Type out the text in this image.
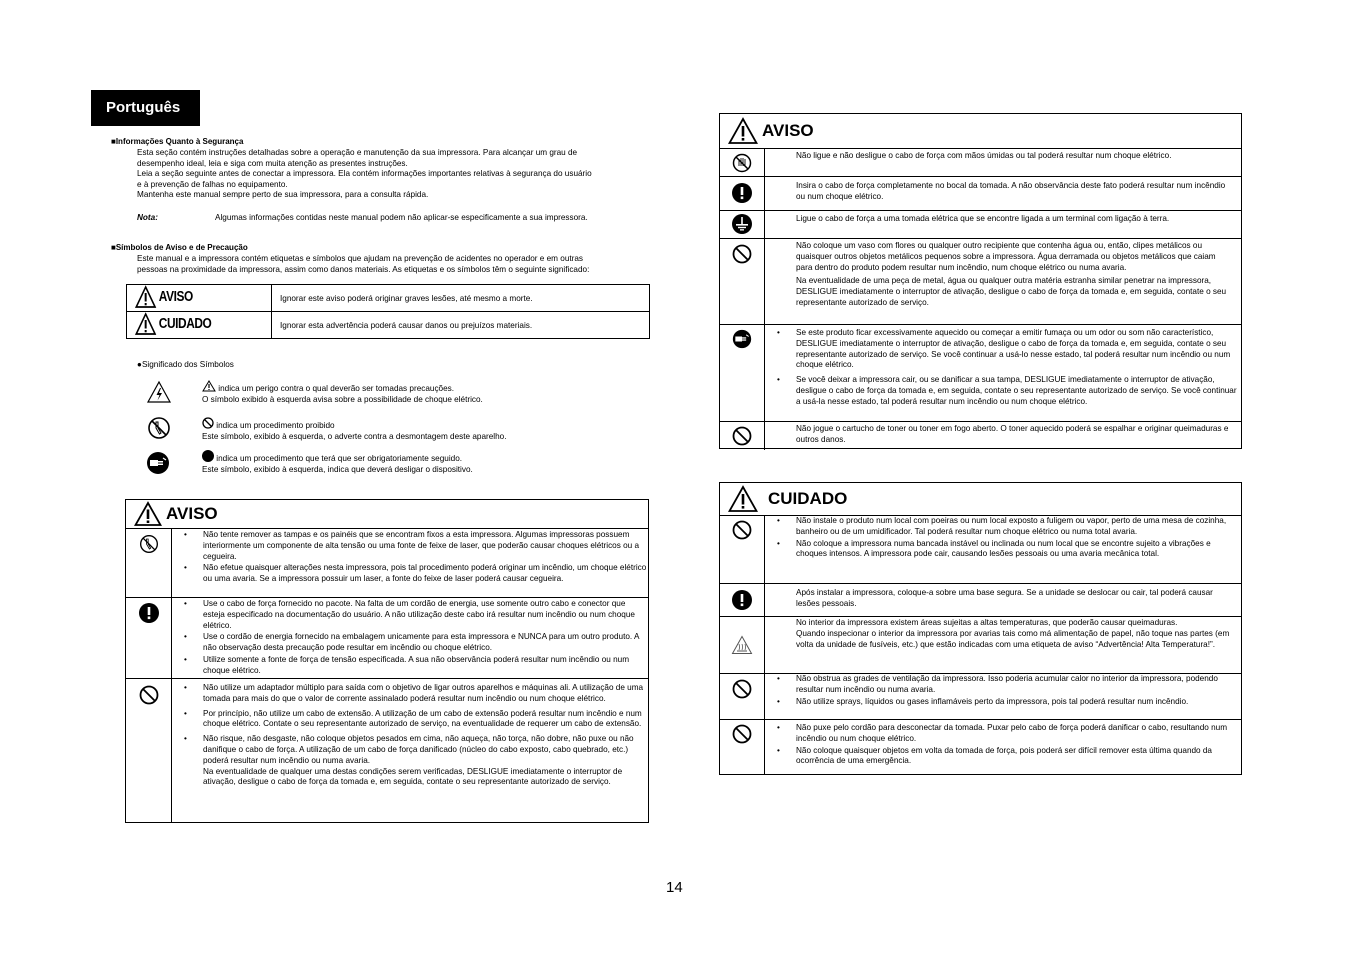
Português
■Informações Quanto à Segurança
Esta seção contém instruções detalhadas sobre a operação e manutenção da sua impressora. Para alcançar um grau de
desempenho ideal, leia e siga com muita atenção as presentes instruções.
Leia a seção seguinte antes de conectar a impressora. Ela contém informações importantes relativas à segurança do usuário
e à prevenção de falhas no equipamento.
Mantenha este manual sempre perto de sua impressora, para a consulta rápida.
Nota:	Algumas informações contidas neste manual podem não aplicar-se especificamente a sua impressora.
■Símbolos de Aviso e de Precaução
Este manual e a impressora contém etiquetas e símbolos que ajudam na prevenção de acidentes no operador e em outras
pessoas na proximidade da impressora, assim como danos materiais. As etiquetas e os símbolos têm o seguinte significado:
AVISO	Ignorar este aviso poderá originar graves lesões, até mesmo a morte.

CUIDADO	Ignorar esta advertência poderá causar danos ou prejuízos materiais.
●Significado dos Símbolos
indica um perigo contra o qual deverão ser tomadas precauções.
O símbolo exibido à esquerda avisa sobre a possibilidade de choque elétrico.
indica um procedimento proibido
Este símbolo, exibido à esquerda, o adverte contra a desmontagem deste aparelho.
indica um procedimento que terá que ser obrigatoriamente seguido.
Este símbolo, exibido à esquerda, indica que deverá desligar o dispositivo.
AVISO
• Não tente remover as tampas e os painéis que se encontram fixos a esta impressora. Algumas impressoras possuem interiormente um componente de alta tensão ou uma fonte de feixe de laser, que poderão causar choques elétricos ou a cegueira.
• Não efetue quaisquer alterações nesta impressora, pois tal procedimento poderá originar um incêndio, um choque elétrico ou uma avaria. Se a impressora possuir um laser, a fonte do feixe de laser poderá causar cegueira.
• Use o cabo de força fornecido no pacote. Na falta de um cordão de energia, use somente outro cabo e conector que esteja especificado na documentação do usuário. A não utilização deste cabo irá resultar num incêndio ou num choque elétrico.
• Use o cordão de energia fornecido na embalagem unicamente para esta impressora e NUNCA para um outro produto. A não observação desta precaução pode resultar em incêndio ou choque elétrico.
• Utilize somente a fonte de força de tensão especificada. A sua não observância poderá resultar num incêndio ou num choque elétrico.
• Não utilize um adaptador múltiplo para saída com o objetivo de ligar outros aparelhos e máquinas ali. A utilização de uma tomada para mais do que o valor de corrente assinalado poderá resultar num incêndio ou num choque elétrico.
• Por princípio, não utilize um cabo de extensão. A utilização de um cabo de extensão poderá resultar num incêndio e num choque elétrico. Contate o seu representante autorizado de serviço, na eventualidade de requerer um cabo de extensão.
• Não risque, não desgaste, não coloque objetos pesados em cima, não aqueça, não torça, não dobre, não puxe ou não danifique o cabo de força. A utilização de um cabo de força danificado (núcleo do cabo exposto, cabo quebrado, etc.) poderá resultar num incêndio ou numa avaria.
Na eventualidade de qualquer uma destas condições serem verificadas, DESLIGUE imediatamente o interruptor de ativação, desligue o cabo de força da tomada e, em seguida, contate o seu representante autorizado de serviço.
AVISO

Não ligue e não desligue o cabo de força com mãos úmidas ou tal poderá resultar num choque elétrico.

Insira o cabo de força completamente no bocal da tomada. A não observância deste fato poderá resultar num incêndio ou num choque elétrico.

Ligue o cabo de força a uma tomada elétrica que se encontre ligada a um terminal com ligação à terra.

Não coloque um vaso com flores ou qualquer outro recipiente que contenha água ou, então, clipes metálicos ou quaisquer outros objetos metálicos pequenos sobre a impressora. Água derramada ou objetos metálicos que caiam para dentro do produto podem resultar num incêndio, num choque elétrico ou numa avaria.

Na eventualidade de uma peça de metal, água ou qualquer outra matéria estranha similar penetrar na impressora, DESLIGUE imediatamente o interruptor de ativação, desligue o cabo de força da tomada e, em seguida, contate o seu representante autorizado de serviço.

• Se este produto ficar excessivamente aquecido ou começar a emitir fumaça ou um odor ou som não característico, DESLIGUE imediatamente o interruptor de ativação, desligue o cabo de força da tomada e, em seguida, contate o seu representante autorizado de serviço. Se você continuar a usá-lo nesse estado, tal poderá resultar num incêndio ou num choque elétrico.
• Se você deixar a impressora cair, ou se danificar a sua tampa, DESLIGUE imediatamente o interruptor de ativação, desligue o cabo de força da tomada e, em seguida, contate o seu representante autorizado de serviço. Se você continuar a usá-la nesse estado, tal poderá resultar num incêndio ou num choque elétrico.

Não jogue o cartucho de toner ou toner em fogo aberto. O toner aquecido poderá se espalhar e originar queimaduras e outros danos.

CUIDADO
• Não instale o produto num local com poeiras ou num local exposto a fuligem ou vapor, perto de uma mesa de cozinha, banheiro ou de um umidificador. Tal poderá resultar num choque elétrico ou numa total avaria.
• Não coloque a impressora numa bancada instável ou inclinada ou num local que se encontre sujeito a vibrações e choques intensos. A impressora pode cair, causando lesões pessoais ou uma avaria mecânica total.

Após instalar a impressora, coloque-a sobre uma base segura. Se a unidade se deslocar ou cair, tal poderá causar lesões pessoais.

No interior da impressora existem áreas sujeitas a altas temperaturas, que poderão causar queimaduras.
Quando inspecionar o interior da impressora por avarias tais como má alimentação de papel, não toque nas partes (em volta da unidade de fusíveis, etc.) que estão indicadas com uma etiqueta de aviso “Advertência! Alta Temperatura!”.

• Não obstrua as grades de ventilação da impressora. Isso poderia acumular calor no interior da impressora, podendo resultar num incêndio ou numa avaria.
• Não utilize sprays, líquidos ou gases inflamáveis perto da impressora, pois tal poderá resultar num incêndio.
• Não puxe pelo cordão para desconectar da tomada. Puxar pelo cabo de força poderá danificar o cabo, resultando num incêndio ou num choque elétrico.
• Não coloque quaisquer objetos em volta da tomada de força, pois poderá ser difícil remover esta última quando da ocorrência de uma emergência.
14
